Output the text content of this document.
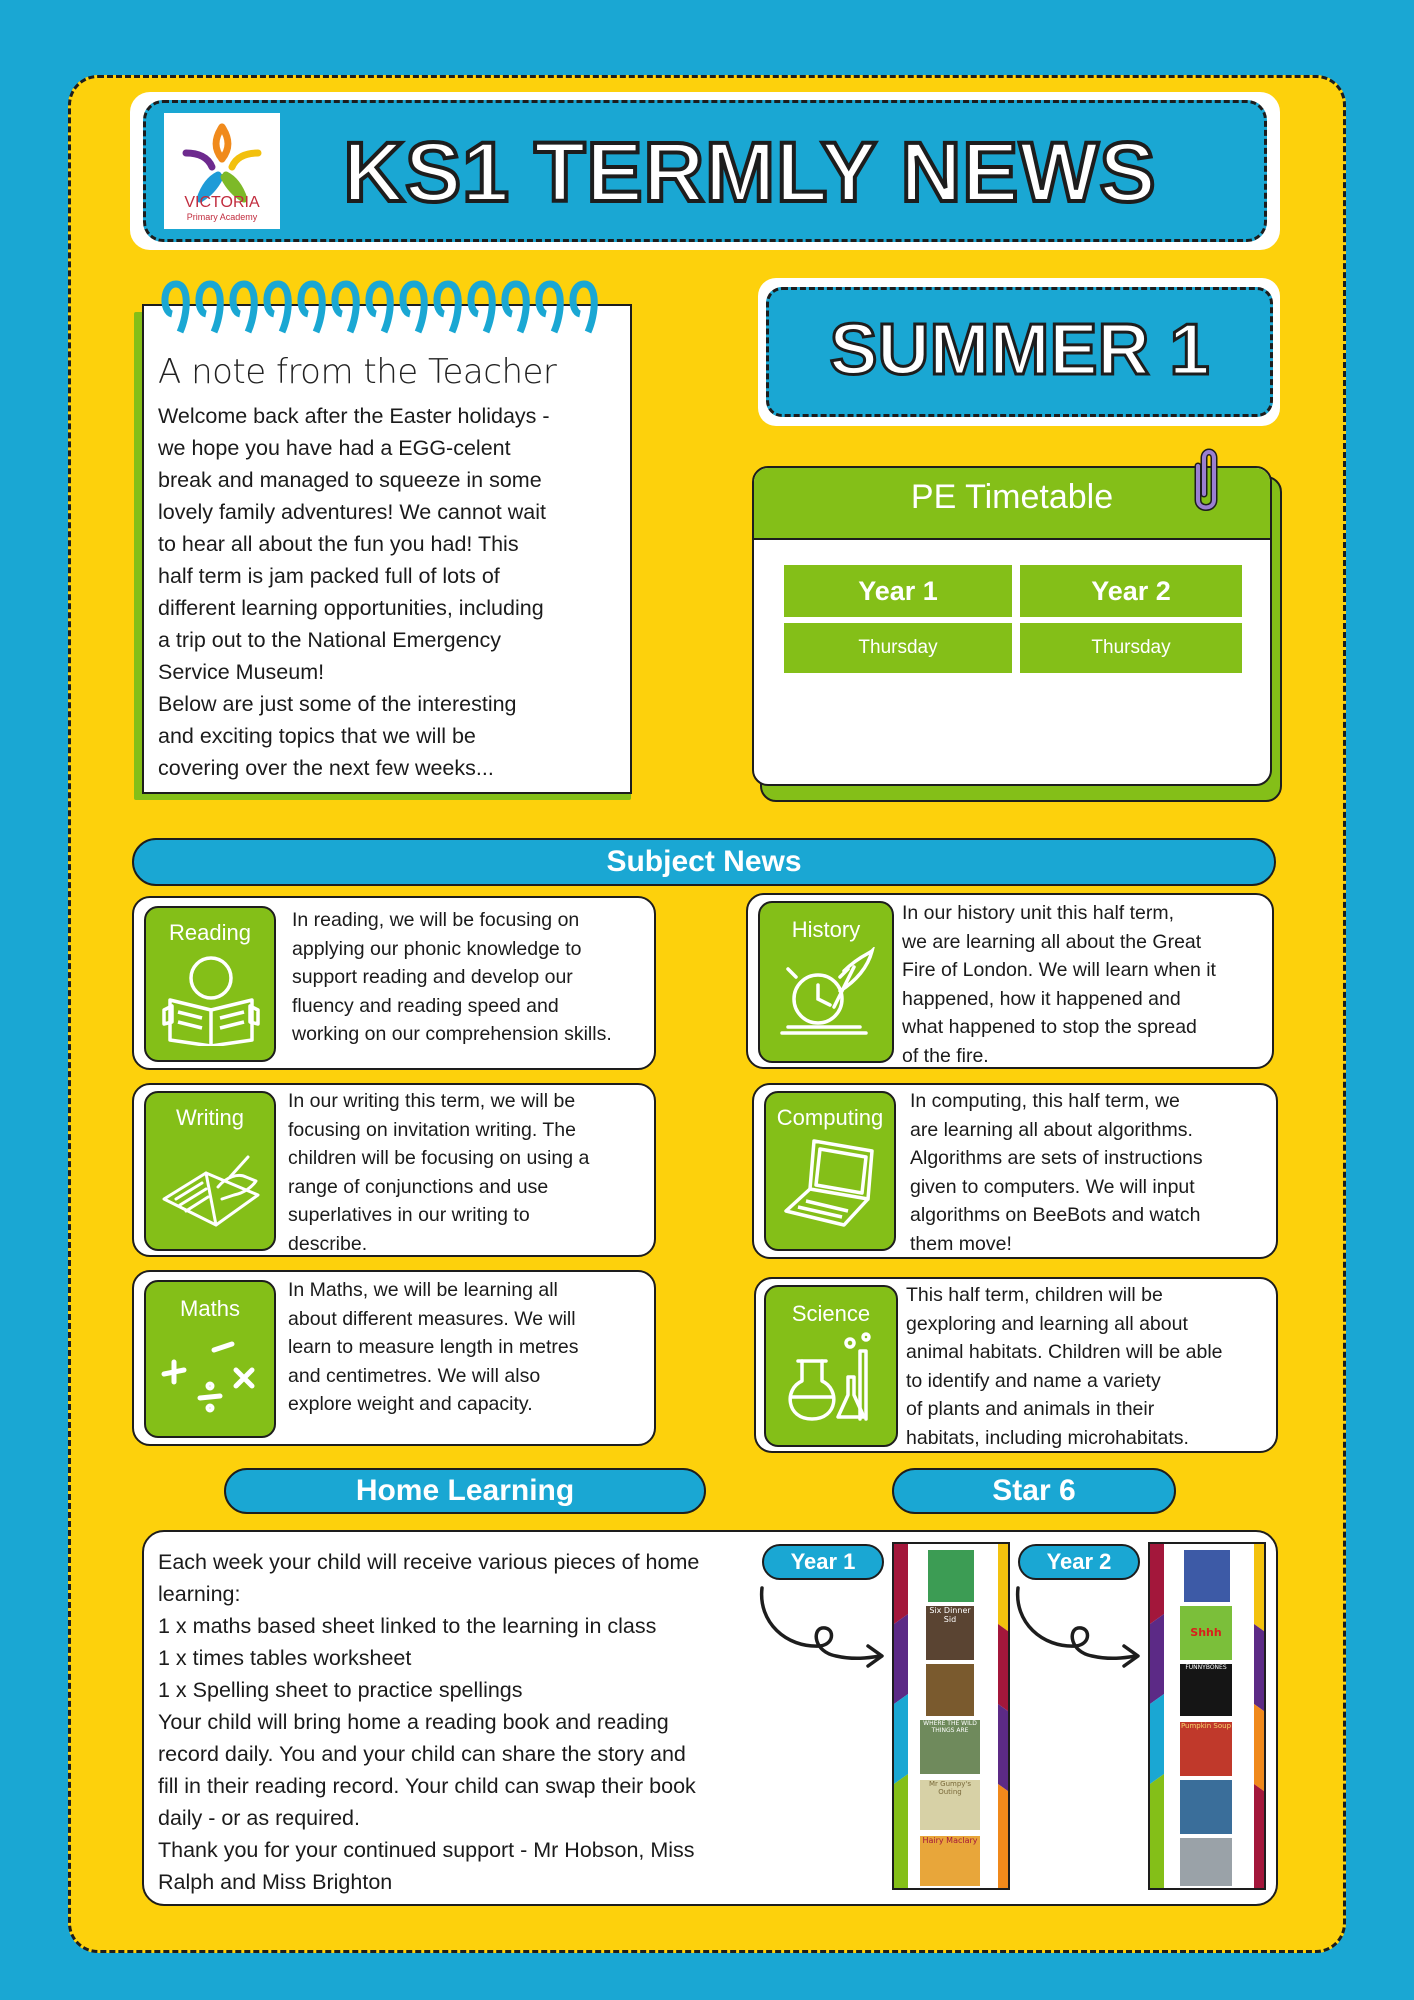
VICTORIA
Primary Academy	KS1 TERMLY NEWS
A note from the Teacher
Welcome back after the Easter holidays -
we hope you have had a EGG-celent
break and managed to squeeze in some
lovely family adventures! We cannot wait
to hear all about the fun you had! This
half term is jam packed full of lots of
different learning opportunities, including
a trip out to the National Emergency
Service Museum!
Below are just some of the interesting
and exciting topics that we will be
covering over the next few weeks...
SUMMER 1
PE Timetable
Year 1	Year 2
Thursday	Thursday
Subject News
Reading	In reading, we will be focusing on
applying our phonic knowledge to
support reading and develop our
fluency and reading speed and
working on our comprehension skills.
History
In our history unit this half term,
we are learning all about the Great
Fire of London. We will learn when it
happened, how it happened and
what happened to stop the spread
of the fire.
Writing
In our writing this term, we will be
focusing on invitation writing. The
children will be focusing on using a
range of conjunctions and use
superlatives in our writing to
describe.
Computing
In computing, this half term, we
are learning all about algorithms.
Algorithms are sets of instructions
given to computers. We will input
algorithms on BeeBots and watch
them move!
Maths
In Maths, we will be learning all
about different measures. We will
learn to measure length in metres
and centimetres. We will also
explore weight and capacity.
Science
This half term, children will be
gexploring and learning all about
animal habitats. Children will be able
to identify and name a variety
of plants and animals in their
habitats, including microhabitats.
Home Learning	Star 6
Each week your child will receive various pieces of home
learning:
1 x maths based sheet linked to the learning in class
1 x times tables worksheet
1 x Spelling sheet to practice spellings
Your child will bring home a reading book and reading
record daily. You and your child can share the story and
fill in their reading record. Your child can swap their book
daily - or as required.
Thank you for your continued support - Mr Hobson, Miss
Ralph and Miss Brighton
Year 1	Year 2
Six Dinner Sid
WHERE THE WILD THINGS ARE
Mr Gumpy's Outing
Hairy Maclary
Shhh
FUNNYBONES
Pumpkin Soup
